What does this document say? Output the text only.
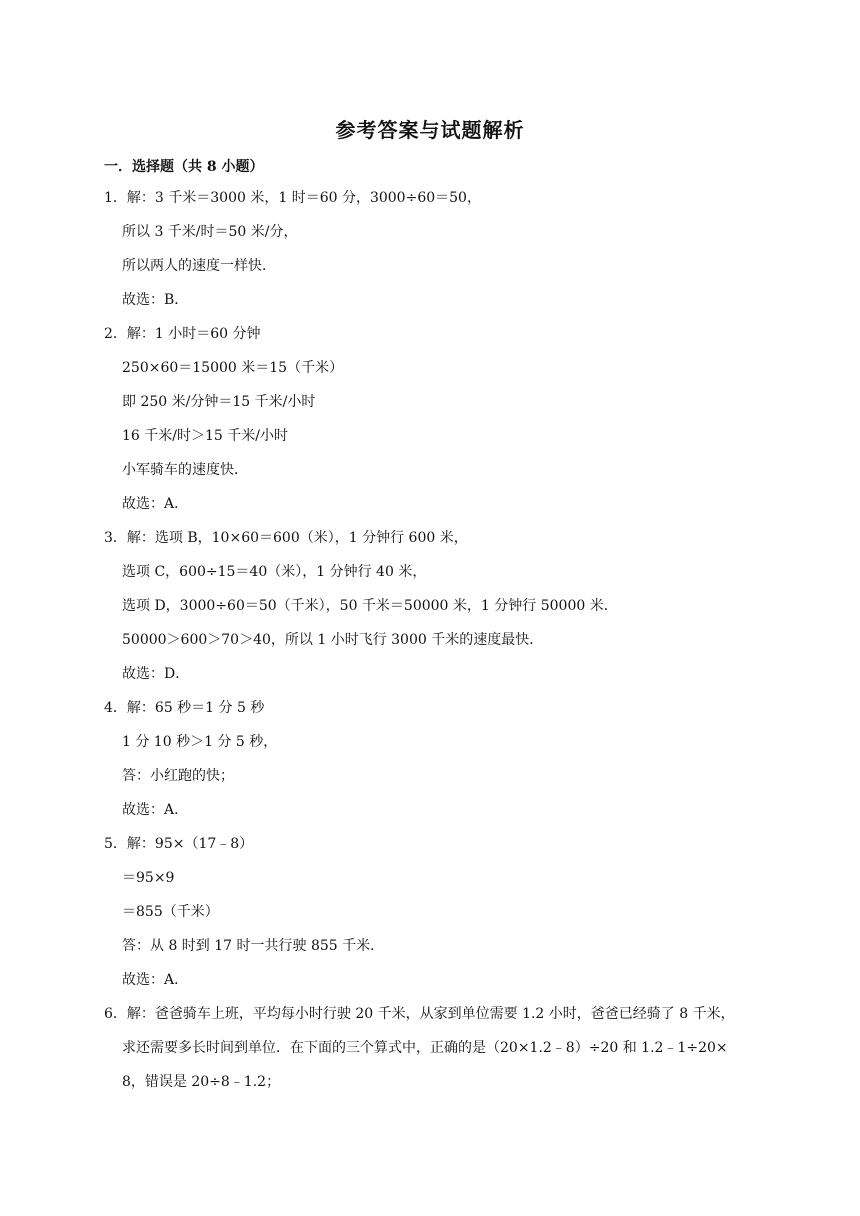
参考答案与试题解析
一．选择题（共 8 小题）
1．解：3 千米＝3000 米，1 时＝60 分，3000÷60＝50，
所以 3 千米/时＝50 米/分，
所以两人的速度一样快．
故选：B．
2．解：1 小时＝60 分钟
250×60＝15000 米＝15（千米）
即 250 米/分钟＝15 千米/小时
16 千米/时＞15 千米/小时
小军骑车的速度快．
故选：A．
3．解：选项 B，10×60＝600（米），1 分钟行 600 米，
选项 C，600÷15＝40（米），1 分钟行 40 米，
选项 D，3000÷60＝50（千米），50 千米＝50000 米，1 分钟行 50000 米．
50000＞600＞70＞40，所以 1 小时飞行 3000 千米的速度最快．
故选：D．
4．解：65 秒＝1 分 5 秒
1 分 10 秒＞1 分 5 秒，
答：小红跑的快；
故选：A．
5．解：95×（17﹣8）
＝95×9
＝855（千米）
答：从 8 时到 17 时一共行驶 855 千米．
故选：A．
6．解：爸爸骑车上班，平均每小时行驶 20 千米，从家到单位需要 1.2 小时，爸爸已经骑了 8 千米，
求还需要多长时间到单位．在下面的三个算式中，正确的是（20×1.2﹣8）÷20 和 1.2﹣1÷20×
8，错误是 20÷8﹣1.2；
